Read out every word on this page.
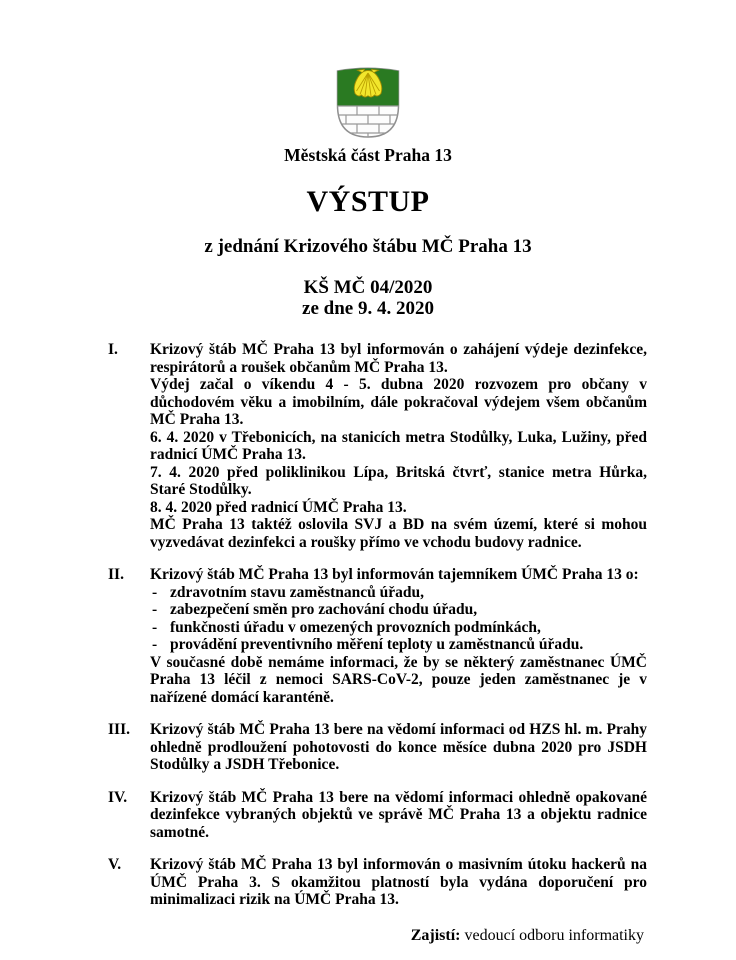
Městská část Praha 13
VÝSTUP
z jednání Krizového štábu MČ Praha 13
KŠ MČ 04/2020
ze dne 9. 4. 2020
I.	Krizový štáb MČ Praha 13 byl informován o zahájení výdeje dezinfekce, respirátorů a roušek občanům MČ Praha 13.

Výdej začal o víkendu 4 - 5. dubna 2020 rozvozem pro občany v důchodovém věku a imobilním, dále pokračoval výdejem všem občanům MČ Praha 13.

6. 4. 2020 v Třebonicích, na stanicích metra Stodůlky, Luka, Lužiny, před radnicí ÚMČ Praha 13.

7. 4. 2020 před poliklinikou Lípa, Britská čtvrť, stanice metra Hůrka, Staré Stodůlky.

8. 4. 2020 před radnicí ÚMČ Praha 13.

MČ Praha 13 taktéž oslovila SVJ a BD na svém území, které si mohou vyzvedávat dezinfekci a roušky přímo ve vchodu budovy radnice.

II.	Krizový štáb MČ Praha 13 byl informován tajemníkem ÚMČ Praha 13 o:

- zdravotním stavu zaměstnanců úřadu,
- zabezpečení směn pro zachování chodu úřadu,
- funkčnosti úřadu v omezených provozních podmínkách,
- provádění preventivního měření teploty u zaměstnanců úřadu.

V současné době nemáme informaci, že by se některý zaměstnanec ÚMČ Praha 13 léčil z nemoci SARS-CoV-2, pouze jeden zaměstnanec je v nařízené domácí karanténě.

III.	Krizový štáb MČ Praha 13 bere na vědomí informaci od HZS hl. m. Prahy ohledně prodloužení pohotovosti do konce měsíce dubna 2020 pro JSDH Stodůlky a JSDH Třebonice.

IV.	Krizový štáb MČ Praha 13 bere na vědomí informaci ohledně opakované dezinfekce vybraných objektů ve správě MČ Praha 13 a objektu radnice samotné.

V.	Krizový štáb MČ Praha 13 byl informován o masivním útoku hackerů na ÚMČ Praha 3. S okamžitou platností byla vydána doporučení pro minimalizaci rizik na ÚMČ Praha 13.

Zajistí: vedoucí odboru informatiky
